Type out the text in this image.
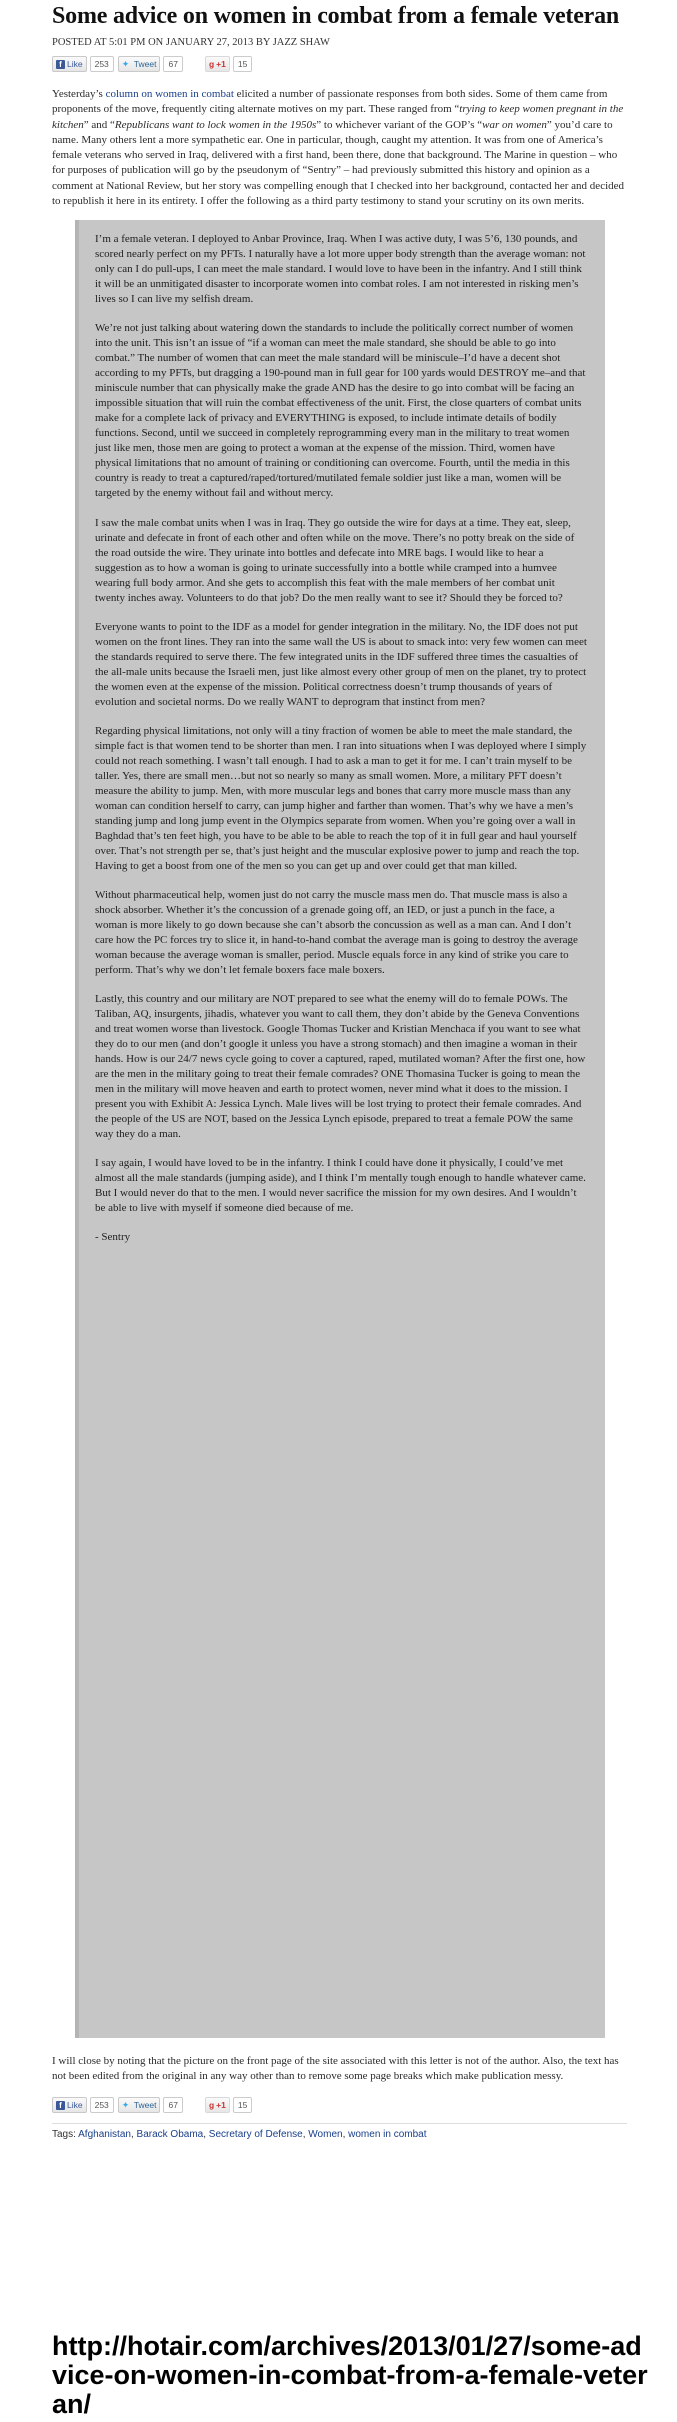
Some advice on women in combat from a female veteran
POSTED AT 5:01 PM ON JANUARY 27, 2013 BY JAZZ SHAW
f Like	253	✦ Tweet	67	g +1	15
Yesterday’s column on women in combat elicited a number of passionate responses from both sides. Some of them came from proponents of the move, frequently citing alternate motives on my part. These ranged from “trying to keep women pregnant in the kitchen” and “Republicans want to lock women in the 1950s” to whichever variant of the GOP’s “war on women” you’d care to name. Many others lent a more sympathetic ear. One in particular, though, caught my attention. It was from one of America’s female veterans who served in Iraq, delivered with a first hand, been there, done that background. The Marine in question – who for purposes of publication will go by the pseudonym of “Sentry” – had previously submitted this history and opinion as a comment at National Review, but her story was compelling enough that I checked into her background, contacted her and decided to republish it here in its entirety. I offer the following as a third party testimony to stand your scrutiny on its own merits.

I’m a female veteran. I deployed to Anbar Province, Iraq. When I was active duty, I was 5’6, 130 pounds, and scored nearly perfect on my PFTs. I naturally have a lot more upper body strength than the average woman: not only can I do pull-ups, I can meet the male standard. I would love to have been in the infantry. And I still think it will be an unmitigated disaster to incorporate women into combat roles. I am not interested in risking men’s lives so I can live my selfish dream.

We’re not just talking about watering down the standards to include the politically correct number of women into the unit. This isn’t an issue of “if a woman can meet the male standard, she should be able to go into combat.” The number of women that can meet the male standard will be miniscule–I’d have a decent shot according to my PFTs, but dragging a 190-pound man in full gear for 100 yards would DESTROY me–and that miniscule number that can physically make the grade AND has the desire to go into combat will be facing an impossible situation that will ruin the combat effectiveness of the unit. First, the close quarters of combat units make for a complete lack of privacy and EVERYTHING is exposed, to include intimate details of bodily functions. Second, until we succeed in completely reprogramming every man in the military to treat women just like men, those men are going to protect a woman at the expense of the mission. Third, women have physical limitations that no amount of training or conditioning can overcome. Fourth, until the media in this country is ready to treat a captured/raped/tortured/mutilated female soldier just like a man, women will be targeted by the enemy without fail and without mercy.

I saw the male combat units when I was in Iraq. They go outside the wire for days at a time. They eat, sleep, urinate and defecate in front of each other and often while on the move. There’s no potty break on the side of the road outside the wire. They urinate into bottles and defecate into MRE bags. I would like to hear a suggestion as to how a woman is going to urinate successfully into a bottle while cramped into a humvee wearing full body armor. And she gets to accomplish this feat with the male members of her combat unit twenty inches away. Volunteers to do that job? Do the men really want to see it? Should they be forced to?

Everyone wants to point to the IDF as a model for gender integration in the military. No, the IDF does not put women on the front lines. They ran into the same wall the US is about to smack into: very few women can meet the standards required to serve there. The few integrated units in the IDF suffered three times the casualties of the all-male units because the Israeli men, just like almost every other group of men on the planet, try to protect the women even at the expense of the mission. Political correctness doesn’t trump thousands of years of evolution and societal norms. Do we really WANT to deprogram that instinct from men?

Regarding physical limitations, not only will a tiny fraction of women be able to meet the male standard, the simple fact is that women tend to be shorter than men. I ran into situations when I was deployed where I simply could not reach something. I wasn’t tall enough. I had to ask a man to get it for me. I can’t train myself to be taller. Yes, there are small men…but not so nearly so many as small women. More, a military PFT doesn’t measure the ability to jump. Men, with more muscular legs and bones that carry more muscle mass than any woman can condition herself to carry, can jump higher and farther than women. That’s why we have a men’s standing jump and long jump event in the Olympics separate from women. When you’re going over a wall in Baghdad that’s ten feet high, you have to be able to be able to reach the top of it in full gear and haul yourself over. That’s not strength per se, that’s just height and the muscular explosive power to jump and reach the top. Having to get a boost from one of the men so you can get up and over could get that man killed.

Without pharmaceutical help, women just do not carry the muscle mass men do. That muscle mass is also a shock absorber. Whether it’s the concussion of a grenade going off, an IED, or just a punch in the face, a woman is more likely to go down because she can’t absorb the concussion as well as a man can. And I don’t care how the PC forces try to slice it, in hand-to-hand combat the average man is going to destroy the average woman because the average woman is smaller, period. Muscle equals force in any kind of strike you care to perform. That’s why we don’t let female boxers face male boxers.

Lastly, this country and our military are NOT prepared to see what the enemy will do to female POWs. The Taliban, AQ, insurgents, jihadis, whatever you want to call them, they don’t abide by the Geneva Conventions and treat women worse than livestock. Google Thomas Tucker and Kristian Menchaca if you want to see what they do to our men (and don’t google it unless you have a strong stomach) and then imagine a woman in their hands. How is our 24/7 news cycle going to cover a captured, raped, mutilated woman? After the first one, how are the men in the military going to treat their female comrades? ONE Thomasina Tucker is going to mean the men in the military will move heaven and earth to protect women, never mind what it does to the mission. I present you with Exhibit A: Jessica Lynch. Male lives will be lost trying to protect their female comrades. And the people of the US are NOT, based on the Jessica Lynch episode, prepared to treat a female POW the same way they do a man.

I say again, I would have loved to be in the infantry. I think I could have done it physically, I could’ve met almost all the male standards (jumping aside), and I think I’m mentally tough enough to handle whatever came. But I would never do that to the men. I would never sacrifice the mission for my own desires. And I wouldn’t be able to live with myself if someone died because of me.

- Sentry

I will close by noting that the picture on the front page of the site associated with this letter is not of the author. Also, the text has not been edited from the original in any way other than to remove some page breaks which make publication messy.
f Like	253	✦ Tweet	67	g +1	15
Tags: Afghanistan, Barack Obama, Secretary of Defense, Women, women in combat
http://hotair.com/archives/2013/01/27/some-advice-on-women-in-combat-from-a-female-veteran/
